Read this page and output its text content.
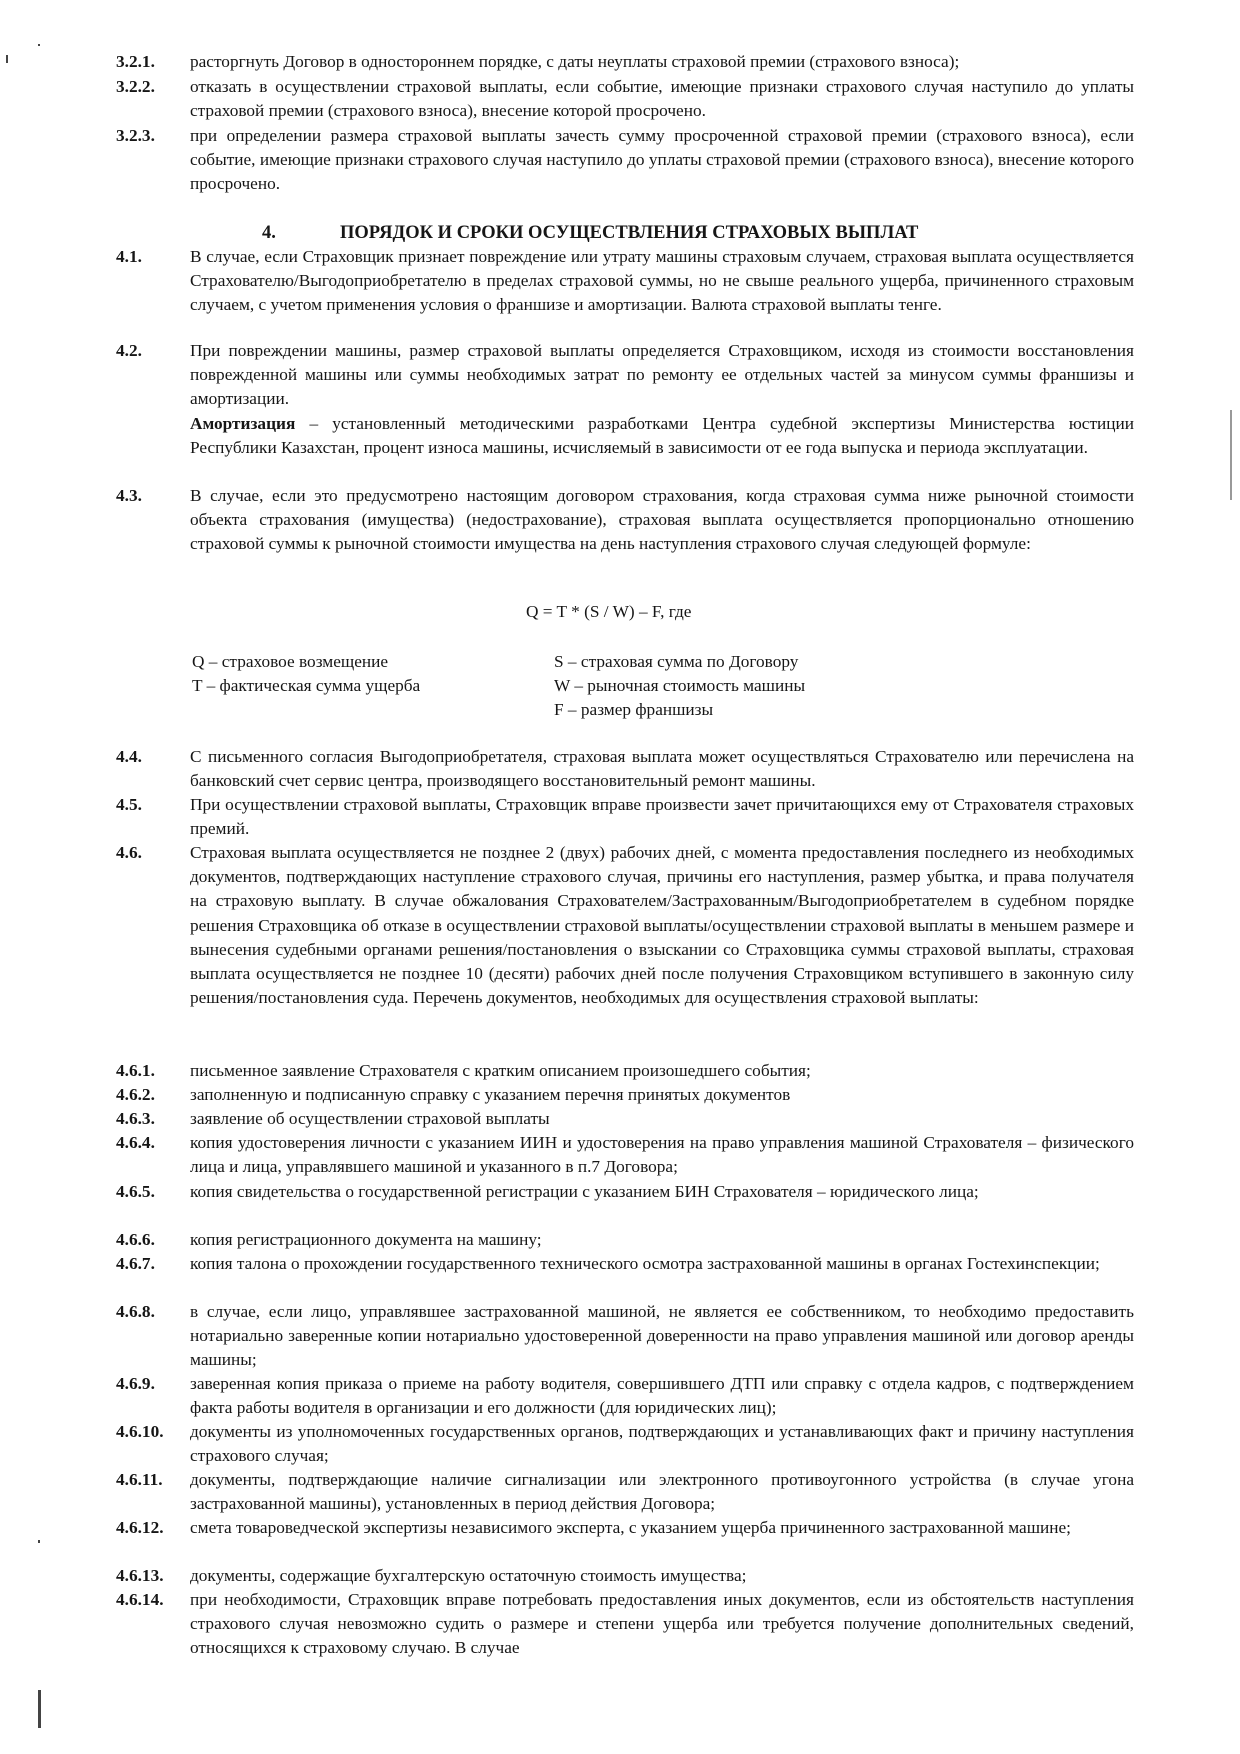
3.2.1.	расторгнуть Договор в одностороннем порядке, с даты неуплаты страховой премии (страхового взноса);
3.2.2.	отказать в осуществлении страховой выплаты, если событие, имеющие признаки страхового случая наступило до уплаты страховой премии (страхового взноса), внесение которой просрочено.
3.2.3.	при определении размера страховой выплаты зачесть сумму просроченной страховой премии (страхового взноса), если событие, имеющие признаки страхового случая наступило до уплаты страховой премии (страхового взноса), внесение которого просрочено.
4.	ПОРЯДОК И СРОКИ ОСУЩЕСТВЛЕНИЯ СТРАХОВЫХ ВЫПЛАТ
4.1.	В случае, если Страховщик признает повреждение или утрату машины страховым случаем, страховая выплата осуществляется Страхователю/Выгодоприобретателю в пределах страховой суммы, но не свыше реального ущерба, причиненного страховым случаем, с учетом применения условия о франшизе и амортизации. Валюта страховой выплаты тенге.
4.2.	При повреждении машины, размер страховой выплаты определяется Страховщиком, исходя из стоимости восстановления поврежденной машины или суммы необходимых затрат по ремонту ее отдельных частей за минусом суммы франшизы и амортизации.

Амортизация – установленный методическими разработками Центра судебной экспертизы Министерства юстиции Республики Казахстан, процент износа машины, исчисляемый в зависимости от ее года выпуска и периода эксплуатации.

4.3.	В случае, если это предусмотрено настоящим договором страхования, когда страховая сумма ниже рыночной стоимости объекта страхования (имущества) (недострахование), страховая выплата осуществляется пропорционально отношению страховой суммы к рыночной стоимости имущества на день наступления страхового случая следующей формуле:
Q = T * (S / W) – F, где
Q – страховое возмещение
T – фактическая сумма ущерба
S – страховая сумма по Договору
W – рыночная стоимость машины
F – размер франшизы
4.4.	С письменного согласия Выгодоприобретателя, страховая выплата может осуществляться Страхователю или перечислена на банковский счет сервис центра, производящего восстановительный ремонт машины.
4.5.	При осуществлении страховой выплаты, Страховщик вправе произвести зачет причитающихся ему от Страхователя страховых премий.
4.6.	Страховая выплата осуществляется не позднее 2 (двух) рабочих дней, с момента предоставления последнего из необходимых документов, подтверждающих наступление страхового случая, причины его наступления, размер убытка, и права получателя на страховую выплату. В случае обжалования Страхователем/Застрахованным/Выгодоприобретателем в судебном порядке решения Страховщика об отказе в осуществлении страховой выплаты/осуществлении страховой выплаты в меньшем размере и вынесения судебными органами решения/постановления о взыскании со Страховщика суммы страховой выплаты, страховая выплата осуществляется не позднее 10 (десяти) рабочих дней после получения Страховщиком вступившего в законную силу решения/постановления суда. Перечень документов, необходимых для осуществления страховой выплаты:
4.6.1.	письменное заявление Страхователя с кратким описанием произошедшего события;
4.6.2.	заполненную и подписанную справку с указанием перечня принятых документов
4.6.3.	заявление об осуществлении страховой выплаты
4.6.4.	копия удостоверения личности с указанием ИИН и удостоверения на право управления машиной Страхователя – физического лица и лица, управлявшего машиной и указанного в п.7 Договора;
4.6.5.	копия свидетельства о государственной регистрации с указанием БИН Страхователя – юридического лица;
4.6.6.	копия регистрационного документа на машину;
4.6.7.	копия талона о прохождении государственного технического осмотра застрахованной машины в органах Гостехинспекции;
4.6.8.	в случае, если лицо, управлявшее застрахованной машиной, не является ее собственником, то необходимо предоставить нотариально заверенные копии нотариально удостоверенной доверенности на право управления машиной или договор аренды машины;
4.6.9.	заверенная копия приказа о приеме на работу водителя, совершившего ДТП или справку с отдела кадров, с подтверждением факта работы водителя в организации и его должности (для юридических лиц);
4.6.10.	документы из уполномоченных государственных органов, подтверждающих и устанавливающих факт и причину наступления страхового случая;
4.6.11.	документы, подтверждающие наличие сигнализации или электронного противоугонного устройства (в случае угона застрахованной машины), установленных в период действия Договора;
4.6.12.	смета товароведческой экспертизы независимого эксперта, с указанием ущерба причиненного застрахованной машине;
4.6.13.	документы, содержащие бухгалтерскую остаточную стоимость имущества;
4.6.14.	при необходимости, Страховщик вправе потребовать предоставления иных документов, если из обстоятельств наступления страхового случая невозможно судить о размере и степени ущерба или требуется получение дополнительных сведений, относящихся к страховому случаю. В случае
